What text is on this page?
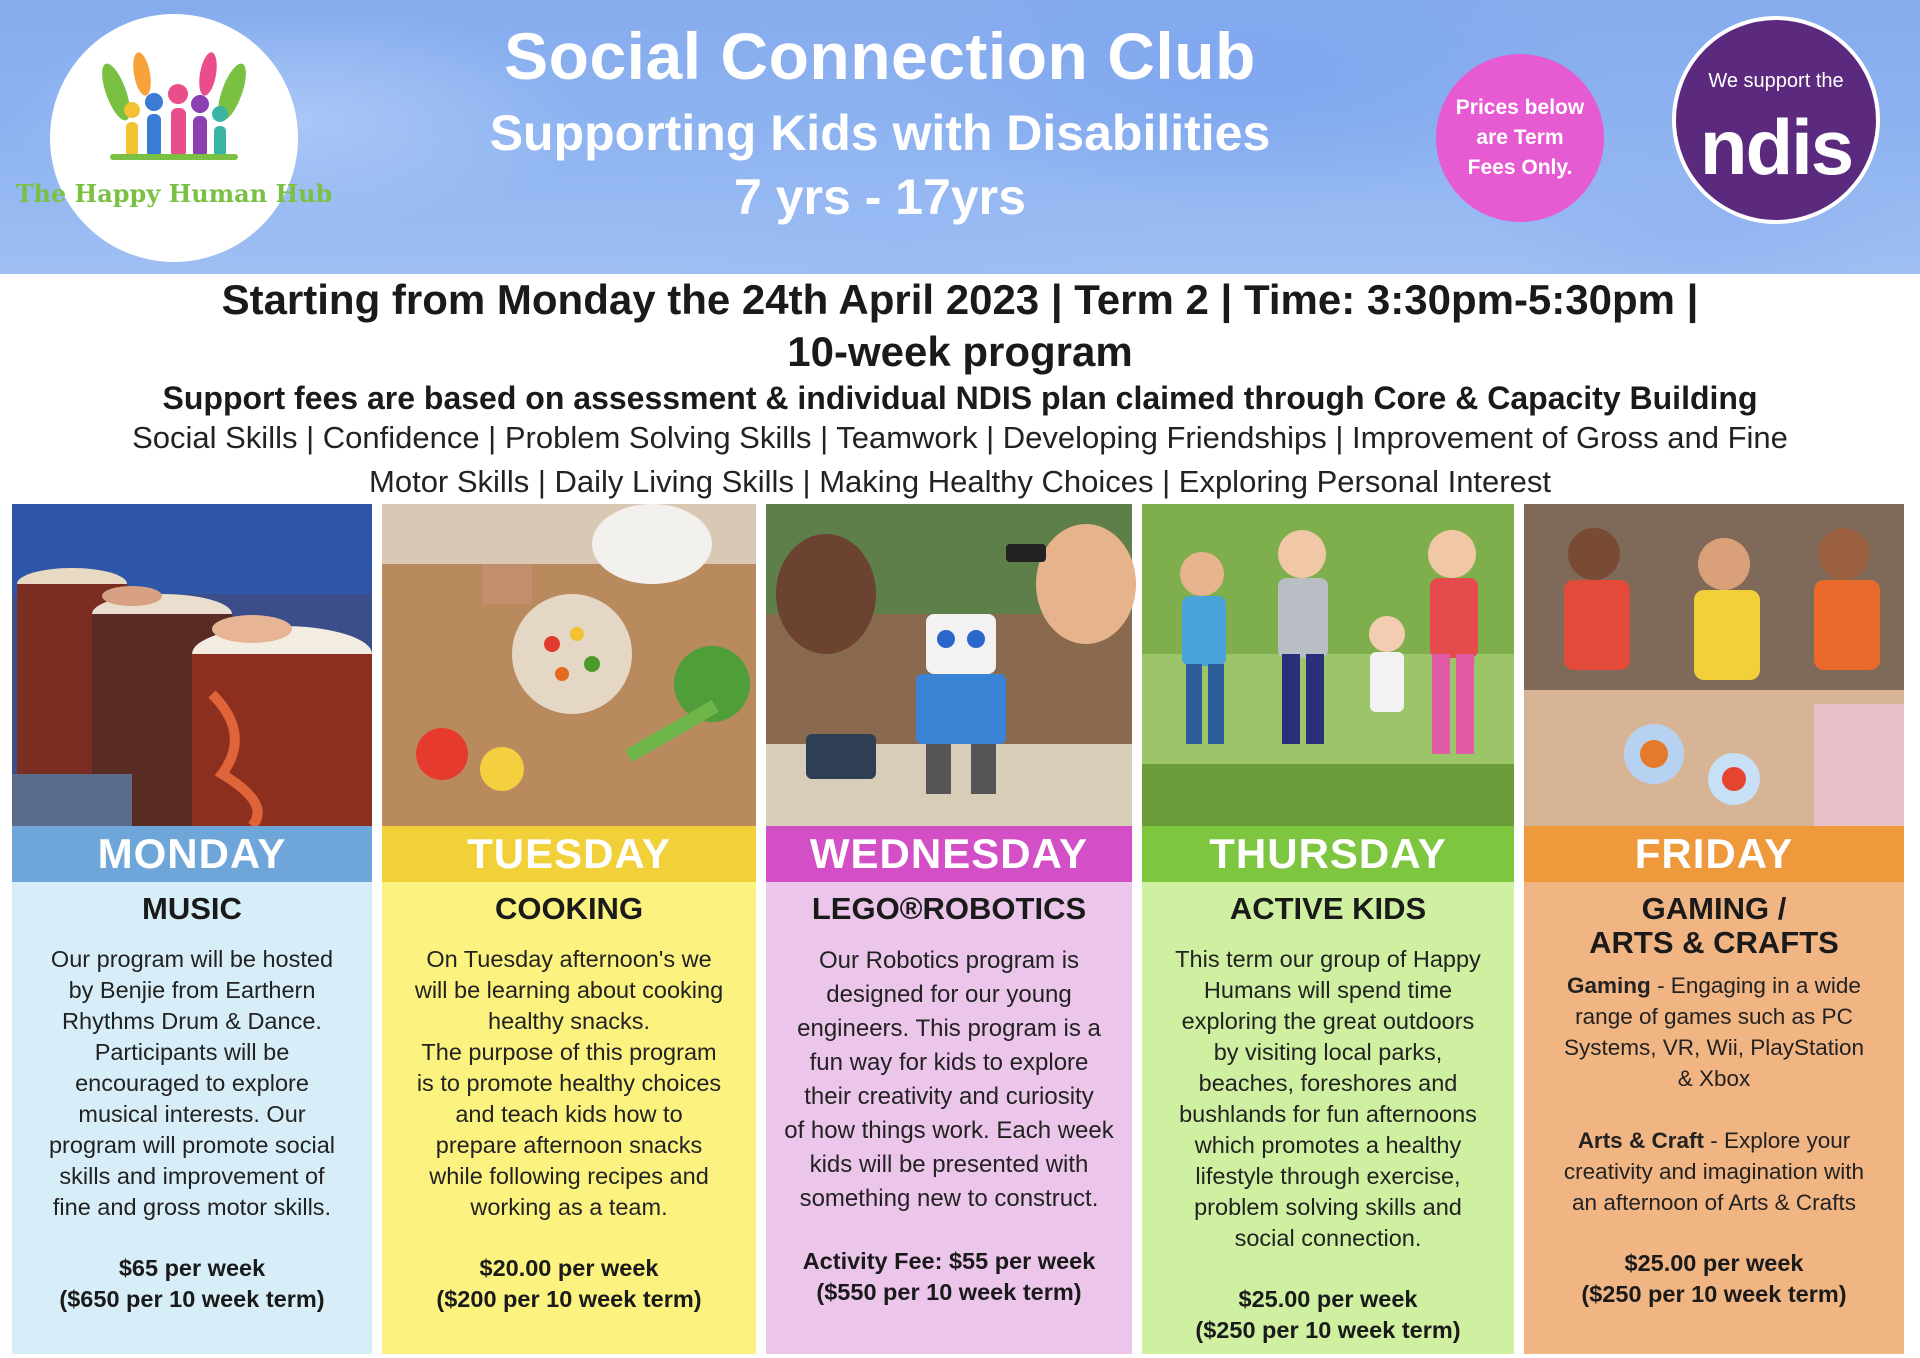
The Happy Human Hub
Social Connection Club
Supporting Kids with Disabilities
7 yrs - 17yrs
Prices below are Term Fees Only.
We support the
ndis
Starting from Monday the 24th April 2023 | Term 2 | Time: 3:30pm-5:30pm |
10-week program
Support fees are based on assessment & individual NDIS plan claimed through Core & Capacity Building
Social Skills | Confidence | Problem Solving Skills | Teamwork | Developing Friendships | Improvement of Gross and Fine
Motor Skills | Daily Living Skills | Making Healthy Choices | Exploring Personal Interest
MONDAY
MUSIC
Our program will be hosted
by Benjie from Earthern
Rhythms Drum & Dance.
Participants will be
encouraged to explore
musical interests. Our
program will promote social
skills and improvement of
fine and gross motor skills.
$65 per week
($650 per 10 week term)
TUESDAY
COOKING
On Tuesday afternoon's we
will be learning about cooking
healthy snacks.
The purpose of this program
is to promote healthy choices
and teach kids how to
prepare afternoon snacks
while following recipes and
working as a team.
$20.00 per week
($200 per 10 week term)
WEDNESDAY
LEGO®ROBOTICS
Our Robotics program is
designed for our young
engineers. This program is a
fun way for kids to explore
their creativity and curiosity
of how things work. Each week
kids will be presented with
something new to construct.
Activity Fee: $55 per week
($550 per 10 week term)
THURSDAY
ACTIVE KIDS
This term our group of Happy
Humans will spend time
exploring the great outdoors
by visiting local parks,
beaches, foreshores and
bushlands for fun afternoons
which promotes a healthy
lifestyle through exercise,
problem solving skills and
social connection.
$25.00 per week
($250 per 10 week term)
FRIDAY
GAMING /
ARTS & CRAFTS
Gaming - Engaging in a wide
range of games such as PC
Systems, VR, Wii, PlayStation
& Xbox
Arts & Craft - Explore your
creativity and imagination with
an afternoon of Arts & Crafts
$25.00 per week
($250 per 10 week term)
